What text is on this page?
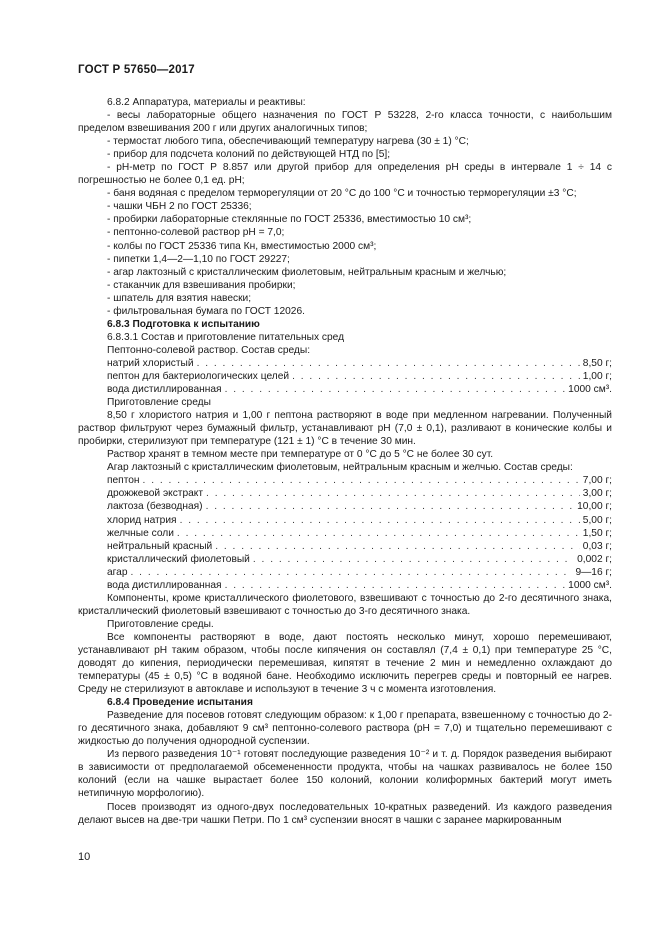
ГОСТ Р 57650—2017

6.8.2 Аппаратура, материалы и реактивы:

- весы лабораторные общего назначения по ГОСТ Р 53228, 2-го класса точности, с наибольшим пределом взвешивания 200 г или других аналогичных типов;

- термостат любого типа, обеспечивающий температуру нагрева (30 ± 1) °С;

- прибор для подсчета колоний по действующей НТД по [5];

- рН-метр по ГОСТ Р 8.857 или другой прибор для определения рН среды в интервале 1 ÷ 14 с погрешностью не более 0,1 ед. рН;

- баня водяная с пределом терморегуляции от 20 °С до 100 °С и точностью терморегуляции ±3 °С;

- чашки ЧБН 2 по ГОСТ 25336;

- пробирки лабораторные стеклянные по ГОСТ 25336, вместимостью 10 см³;

- пептонно-солевой раствор рН = 7,0;

- колбы по ГОСТ 25336 типа Кн, вместимостью 2000 см³;

- пипетки 1,4—2—1,10 по ГОСТ 29227;

- агар лактозный с кристаллическим фиолетовым, нейтральным красным и желчью;

- стаканчик для взвешивания пробирки;

- шпатель для взятия навески;

- фильтровальная бумага по ГОСТ 12026.

6.8.3 Подготовка к испытанию

6.8.3.1 Состав и приготовление питательных сред

Пептонно-солевой раствор. Состав среды:

натрий хлористый . . .	8,50 г;
пептон для бактериологических целей . . .	1,00 г;
вода дистиллированная . . .	1000 см³.

Приготовление среды

8,50 г хлористого натрия и 1,00 г пептона растворяют в воде при медленном нагревании. Полученный раствор фильтруют через бумажный фильтр, устанавливают рН (7,0 ± 0,1), разливают в конические колбы и пробирки, стерилизуют при температуре (121 ± 1) °С в течение 30 мин.

Раствор хранят в темном месте при температуре от 0 °С до 5 °С не более 30 сут.

Агар лактозный с кристаллическим фиолетовым, нейтральным красным и желчью. Состав среды:

пептон . . .	7,00 г;
дрожжевой экстракт . . .	3,00 г;
лактоза (безводная) . . .	10,00 г;
хлорид натрия . . .	5,00 г;
желчные соли . . .	1,50 г;
нейтральный красный . . .	0,03 г;
кристаллический фиолетовый . . .	0,002 г;
агар . . .	9—16 г;
вода дистиллированная . . .	1000 см³.

Компоненты, кроме кристаллического фиолетового, взвешивают с точностью до 2-го десятичного знака, кристаллический фиолетовый взвешивают с точностью до 3-го десятичного знака.

Приготовление среды.

Все компоненты растворяют в воде, дают постоять несколько минут, хорошо перемешивают, устанавливают рН таким образом, чтобы после кипячения он составлял (7,4 ± 0,1) при температуре 25 °С, доводят до кипения, периодически перемешивая, кипятят в течение 2 мин и немедленно охлаждают до температуры (45 ± 0,5) °С в водяной бане. Необходимо исключить перегрев среды и повторный ее нагрев. Среду не стерилизуют в автоклаве и используют в течение 3 ч с момента изготовления.

6.8.4 Проведение испытания

Разведение для посевов готовят следующим образом: к 1,00 г препарата, взвешенному с точностью до 2-го десятичного знака, добавляют 9 см³ пептонно-солевого раствора (рН = 7,0) и тщательно перемешивают с жидкостью до получения однородной суспензии.

Из первого разведения 10⁻¹ готовят последующие разведения 10⁻² и т. д. Порядок разведения выбирают в зависимости от предполагаемой обсемененности продукта, чтобы на чашках развивалось не более 150 колоний (если на чашке вырастает более 150 колоний, колонии колиформных бактерий могут иметь нетипичную морфологию).

Посев производят из одного-двух последовательных 10-кратных разведений. Из каждого разведения делают высев на две-три чашки Петри. По 1 см³ суспензии вносят в чашки с заранее маркированным

10
